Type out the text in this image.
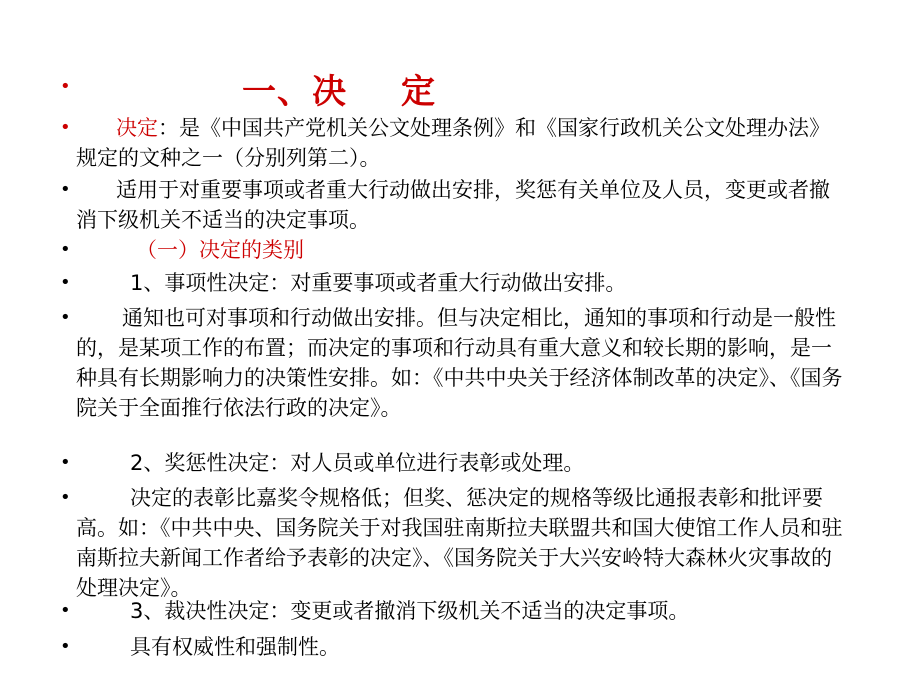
•	一、决 定
•	决定：是《中国共产党机关公文处理条例》和《国家行政机关公文处理办法》规定的文种之一（分别列第二）。
•	适用于对重要事项或者重大行动做出安排，奖惩有关单位及人员，变更或者撤消下级机关不适当的决定事项。
•	（一）决定的类别
•	1、事项性决定：对重要事项或者重大行动做出安排。
•	通知也可对事项和行动做出安排。但与决定相比，通知的事项和行动是一般性的，是某项工作的布置；而决定的事项和行动具有重大意义和较长期的影响，是一种具有长期影响力的决策性安排。如：《中共中央关于经济体制改革的决定》、《国务院关于全面推行依法行政的决定》。
•	2、奖惩性决定：对人员或单位进行表彰或处理。
•	决定的表彰比嘉奖令规格低；但奖、惩决定的规格等级比通报表彰和批评要高。如：《中共中央、国务院关于对我国驻南斯拉夫联盟共和国大使馆工作人员和驻南斯拉夫新闻工作者给予表彰的决定》、《国务院关于大兴安岭特大森林火灾事故的处理决定》。
•	3、裁决性决定：变更或者撤消下级机关不适当的决定事项。
•	具有权威性和强制性。
